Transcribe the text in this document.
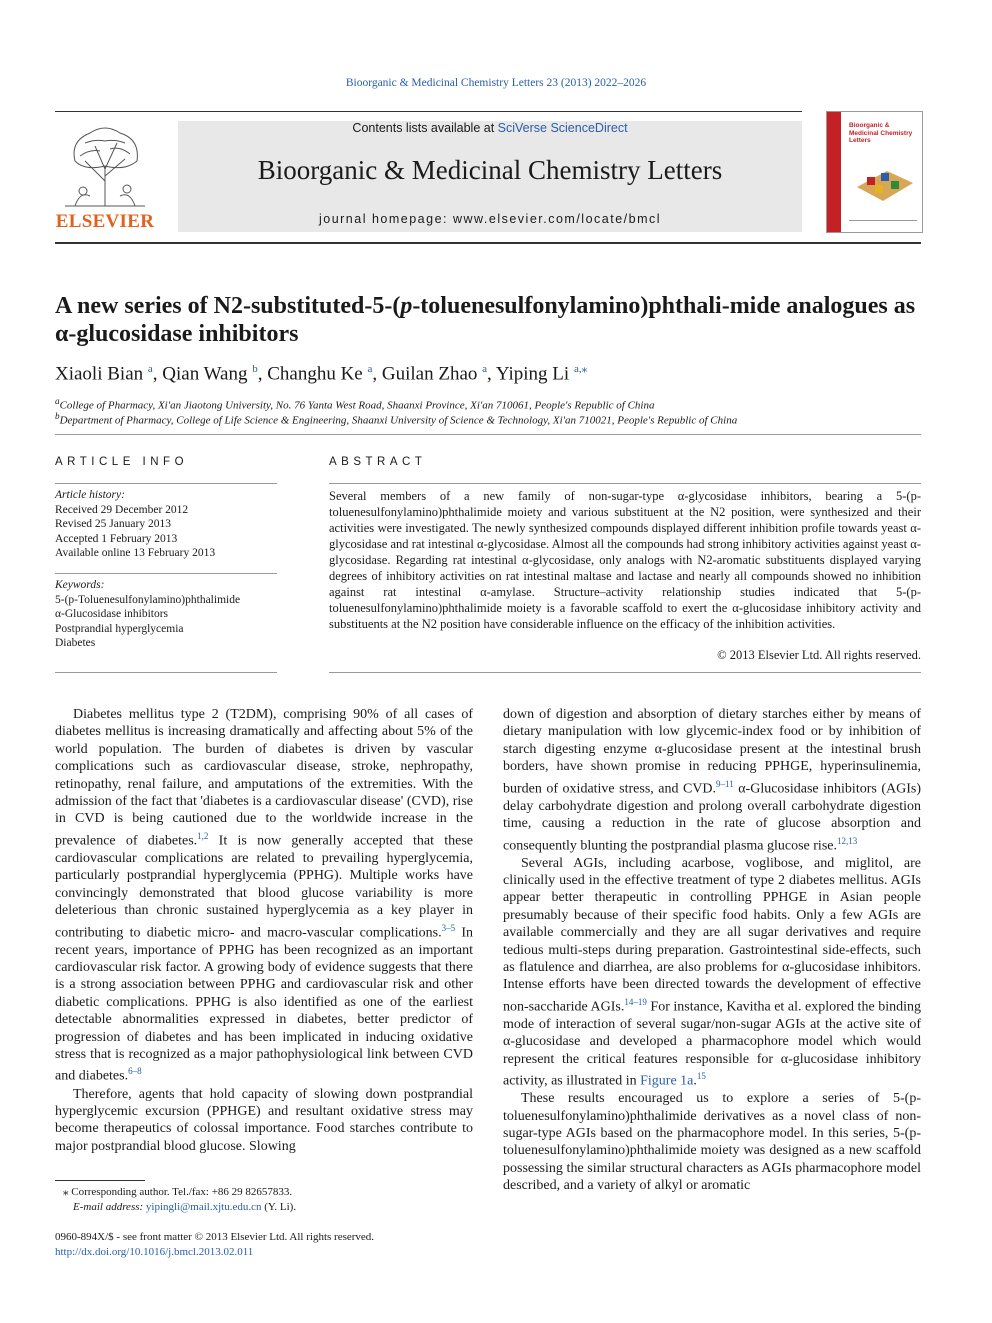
Bioorganic & Medicinal Chemistry Letters 23 (2013) 2022–2026
ELSEVIER
Contents lists available at SciVerse ScienceDirect
Bioorganic & Medicinal Chemistry Letters
journal homepage: www.elsevier.com/locate/bmcl
Bioorganic & Medicinal Chemistry Letters
A new series of N2-substituted-5-(p-toluenesulfonylamino)phthali-mide analogues as α-glucosidase inhibitors
Xiaoli Bian $^a$, Qian Wang $^b$, Changhu Ke $^a$, Guilan Zhao $^a$, Yiping Li $^{a,⁎}$
$^a$College of Pharmacy, Xi'an Jiaotong University, No. 76 Yanta West Road, Shaanxi Province, Xi'an 710061, People's Republic of China
$^b$Department of Pharmacy, College of Life Science & Engineering, Shaanxi University of Science & Technology, Xi'an 710021, People's Republic of China
ARTICLE INFO
Article history:
Received 29 December 2012
Revised 25 January 2013
Accepted 1 February 2013
Available online 13 February 2013
Keywords:
5-(p-Toluenesulfonylamino)phthalimide
α-Glucosidase inhibitors
Postprandial hyperglycemia
Diabetes
ABSTRACT
Several members of a new family of non-sugar-type α-glycosidase inhibitors, bearing a 5-(p-toluenesulfonylamino)phthalimide moiety and various substituent at the N2 position, were synthesized and their activities were investigated. The newly synthesized compounds displayed different inhibition profile towards yeast α-glycosidase and rat intestinal α-glycosidase. Almost all the compounds had strong inhibitory activities against yeast α-glycosidase. Regarding rat intestinal α-glycosidase, only analogs with N2-aromatic substituents displayed varying degrees of inhibitory activities on rat intestinal maltase and lactase and nearly all compounds showed no inhibition against rat intestinal α-amylase. Structure–activity relationship studies indicated that 5-(p-toluenesulfonylamino)phthalimide moiety is a favorable scaffold to exert the α-glucosidase inhibitory activity and substituents at the N2 position have considerable influence on the efficacy of the inhibition activities.
© 2013 Elsevier Ltd. All rights reserved.

Diabetes mellitus type 2 (T2DM), comprising 90% of all cases of diabetes mellitus is increasing dramatically and affecting about 5% of the world population. The burden of diabetes is driven by vascular complications such as cardiovascular disease, stroke, nephropathy, retinopathy, renal failure, and amputations of the extremities. With the admission of the fact that 'diabetes is a cardiovascular disease' (CVD), rise in CVD is being cautioned due to the worldwide increase in the prevalence of diabetes.$^{1,2}$ It is now generally accepted that these cardiovascular complications are related to prevailing hyperglycemia, particularly postprandial hyperglycemia (PPHG). Multiple works have convincingly demonstrated that blood glucose variability is more deleterious than chronic sustained hyperglycemia as a key player in contributing to diabetic micro- and macro-vascular complications.$^{3-5}$ In recent years, importance of PPHG has been recognized as an important cardiovascular risk factor. A growing body of evidence suggests that there is a strong association between PPHG and cardiovascular risk and other diabetic complications. PPHG is also identified as one of the earliest detectable abnormalities expressed in diabetes, better predictor of progression of diabetes and has been implicated in inducing oxidative stress that is recognized as a major pathophysiological link between CVD and diabetes.$^{6-8}$

Therefore, agents that hold capacity of slowing down postprandial hyperglycemic excursion (PPHGE) and resultant oxidative stress may become therapeutics of colossal importance. Food starches contribute to major postprandial blood glucose. Slowing

down of digestion and absorption of dietary starches either by means of dietary manipulation with low glycemic-index food or by inhibition of starch digesting enzyme α-glucosidase present at the intestinal brush borders, have shown promise in reducing PPHGE, hyperinsulinemia, burden of oxidative stress, and CVD.$^{9-11}$ α-Glucosidase inhibitors (AGIs) delay carbohydrate digestion and prolong overall carbohydrate digestion time, causing a reduction in the rate of glucose absorption and consequently blunting the postprandial plasma glucose rise.$^{12,13}$

Several AGIs, including acarbose, voglibose, and miglitol, are clinically used in the effective treatment of type 2 diabetes mellitus. AGIs appear better therapeutic in controlling PPHGE in Asian people presumably because of their specific food habits. Only a few AGIs are available commercially and they are all sugar derivatives and require tedious multi-steps during preparation. Gastrointestinal side-effects, such as flatulence and diarrhea, are also problems for α-glucosidase inhibitors. Intense efforts have been directed towards the development of effective non-saccharide AGIs.$^{14-19}$ For instance, Kavitha et al. explored the binding mode of interaction of several sugar/non-sugar AGIs at the active site of α-glucosidase and developed a pharmacophore model which would represent the critical features responsible for α-glucosidase inhibitory activity, as illustrated in Figure 1a.$^{15}$

These results encouraged us to explore a series of 5-(p-toluenesulfonylamino)phthalimide derivatives as a novel class of non-sugar-type AGIs based on the pharmacophore model. In this series, 5-(p-toluenesulfonylamino)phthalimide moiety was designed as a new scaffold possessing the similar structural characters as AGIs pharmacophore model described, and a variety of alkyl or aromatic

⁎ Corresponding author. Tel./fax: +86 29 82657833.
E-mail address: yipingli@mail.xjtu.edu.cn (Y. Li).
0960-894X/$ - see front matter © 2013 Elsevier Ltd. All rights reserved.
http://dx.doi.org/10.1016/j.bmcl.2013.02.011
